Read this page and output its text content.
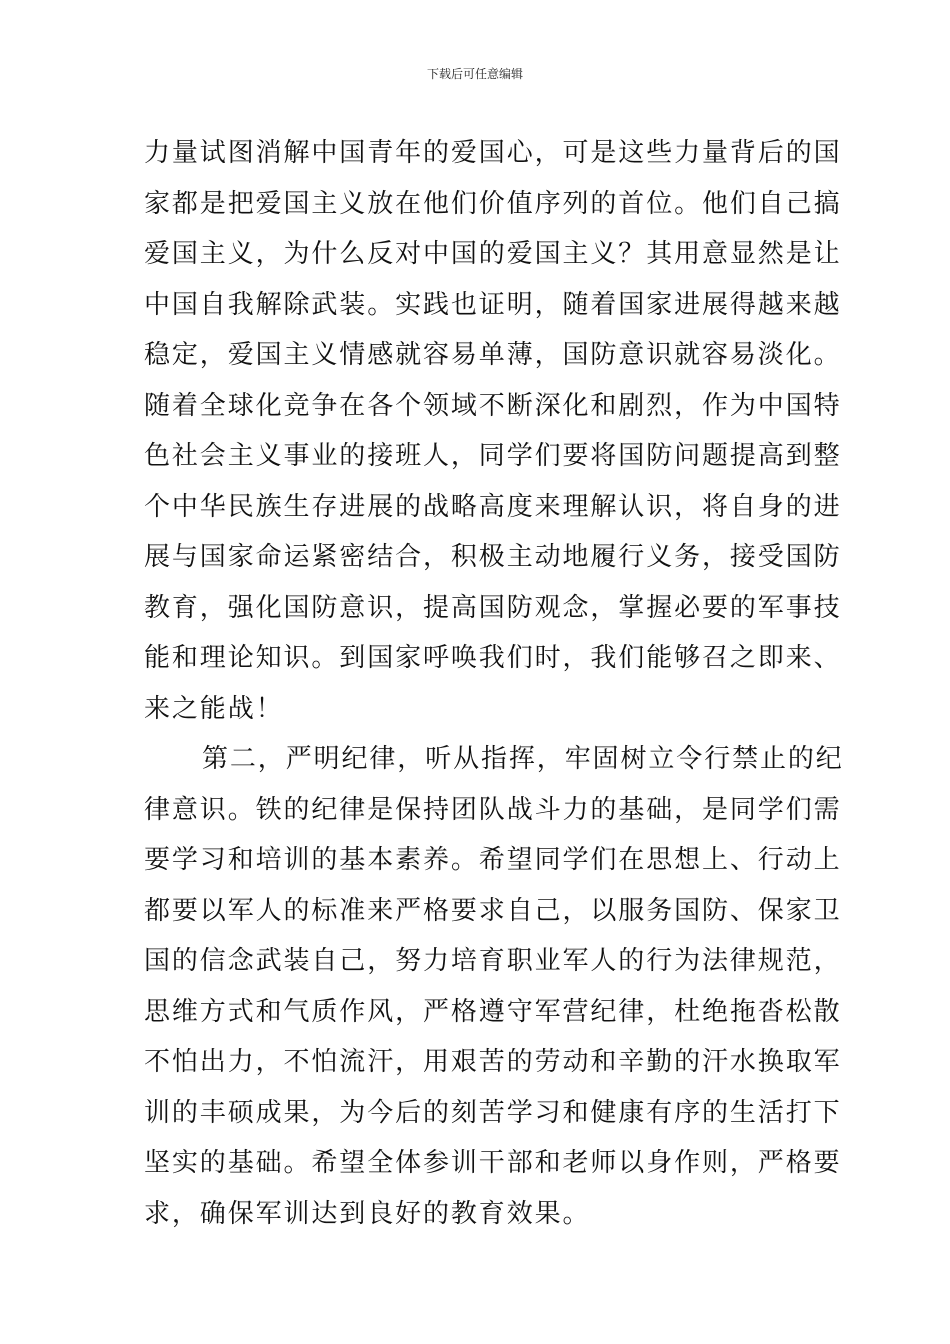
下载后可任意编辑

力量试图消解中国青年的爱国心，可是这些力量背后的国
家都是把爱国主义放在他们价值序列的首位。他们自己搞
爱国主义，为什么反对中国的爱国主义？其用意显然是让
中国自我解除武装。实践也证明，随着国家进展得越来越
稳定，爱国主义情感就容易单薄，国防意识就容易淡化。
随着全球化竞争在各个领域不断深化和剧烈，作为中国特
色社会主义事业的接班人，同学们要将国防问题提高到整
个中华民族生存进展的战略高度来理解认识，将自身的进
展与国家命运紧密结合，积极主动地履行义务，接受国防
教育，强化国防意识，提高国防观念，掌握必要的军事技
能和理论知识。到国家呼唤我们时，我们能够召之即来、
来之能战！

第二，严明纪律，听从指挥，牢固树立令行禁止的纪
律意识。铁的纪律是保持团队战斗力的基础，是同学们需
要学习和培训的基本素养。希望同学们在思想上、行动上
都要以军人的标准来严格要求自己，以服务国防、保家卫
国的信念武装自己，努力培育职业军人的行为法律规范，
思维方式和气质作风，严格遵守军营纪律，杜绝拖沓松散
不怕出力，不怕流汗，用艰苦的劳动和辛勤的汗水换取军
训的丰硕成果，为今后的刻苦学习和健康有序的生活打下
坚实的基础。希望全体参训干部和老师以身作则，严格要
求，确保军训达到良好的教育效果。
